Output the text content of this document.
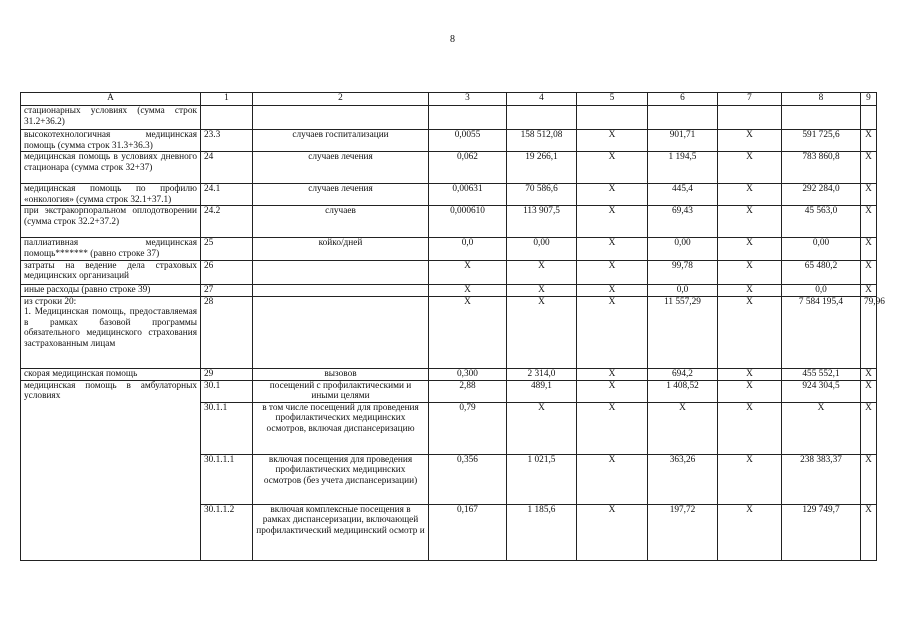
8
А	1	2	3	4	5	6	7	8	9
стационарных условиях (сумма строк 31.2+36.2)									
высокотехнологичная медицинская помощь (сумма строк 31.3+36.3)	23.3	случаев госпитализации	0,0055	158 512,08	Х	901,71	Х	591 725,6	Х
медицинская помощь в условиях дневного стационара (сумма строк 32+37)	24	случаев лечения	0,062	19 266,1	Х	1 194,5	Х	783 860,8	Х
медицинская помощь по профилю «онкология» (сумма строк 32.1+37.1)	24.1	случаев лечения	0,00631	70 586,6	Х	445,4	Х	292 284,0	Х
при экстракорпоральном оплодотворении (сумма строк 32.2+37.2)	24.2	случаев	0,000610	113 907,5	Х	69,43	Х	45 563,0	Х
паллиативная медицинская помощь******* (равно строке 37)	25	койко/дней	0,0	0,00	Х	0,00	Х	0,00	Х
затраты на ведение дела страховых медицинских организаций	26		Х	Х	Х	99,78	Х	65 480,2	Х
иные расходы (равно строке 39)	27		Х	Х	Х	0,0	Х	0,0	Х
из строки 20:
1. Медицинская помощь, предоставляемая в рамках базовой программы обязательного медицинского страхования застрахованным лицам	28		Х	Х	Х	11 557,29	Х	7 584 195,4	79,96
скорая медицинская помощь	29	вызовов	0,300	2 314,0	Х	694,2	Х	455 552,1	Х
медицинская помощь в амбулаторных условиях	30.1	посещений с профилактическими и иными целями	2,88	489,1	Х	1 408,52	Х	924 304,5	Х
	30.1.1	в том числе посещений для проведения профилактических медицинских осмотров, включая диспансеризацию	0,79	Х	Х	Х	Х	Х	Х
	30.1.1.1	включая посещения для проведения профилактических медицинских осмотров (без учета диспансеризации)	0,356	1 021,5	Х	363,26	Х	238 383,37	Х
	30.1.1.2	включая комплексные посещения в рамках диспансеризации, включающей профилактический медицинский осмотр и	0,167	1 185,6	Х	197,72	Х	129 749,7	Х
